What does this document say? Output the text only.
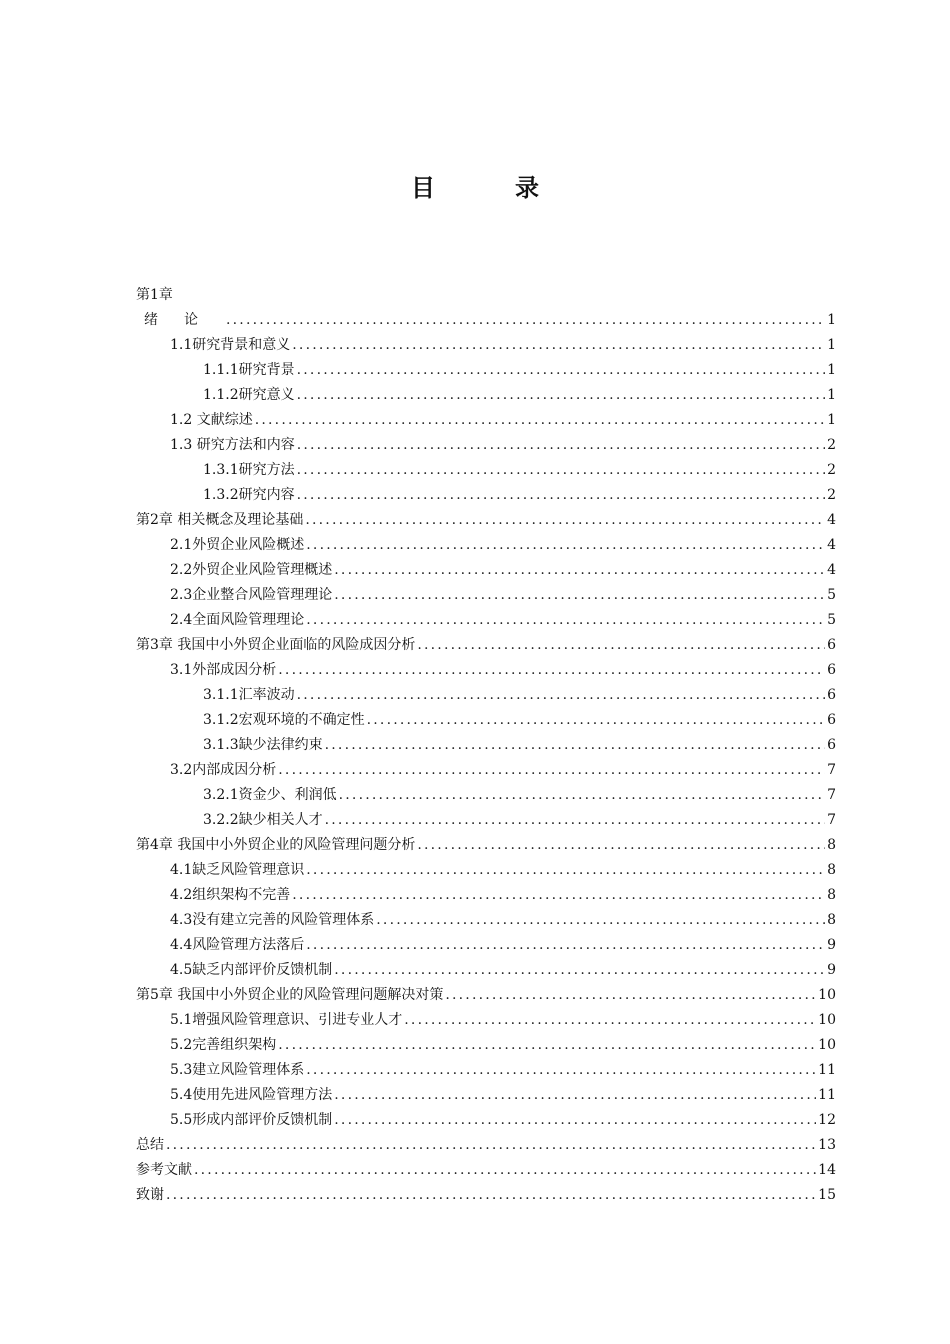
目　录
第1章
绪论 .....	1
1.1研究背景和意义 .....	1
1.1.1研究背景 .....	1
1.1.2研究意义 .....	1
1.2 文献综述 .....	1
1.3 研究方法和内容 .....	2
1.3.1研究方法 .....	2
1.3.2研究内容 .....	2
第2章 相关概念及理论基础 .....	4
2.1外贸企业风险概述 .....	4
2.2外贸企业风险管理概述 .....	4
2.3企业整合风险管理理论 .....	5
2.4全面风险管理理论 .....	5
第3章 我国中小外贸企业面临的风险成因分析 .....	6
3.1外部成因分析 .....	6
3.1.1汇率波动 .....	6
3.1.2宏观环境的不确定性 .....	6
3.1.3缺少法律约束 .....	6
3.2内部成因分析 .....	7
3.2.1资金少、利润低 .....	7
3.2.2缺少相关人才 .....	7
第4章 我国中小外贸企业的风险管理问题分析 .....	8
4.1缺乏风险管理意识 .....	8
4.2组织架构不完善 .....	8
4.3没有建立完善的风险管理体系 .....	8
4.4风险管理方法落后 .....	9
4.5缺乏内部评价反馈机制 .....	9
第5章 我国中小外贸企业的风险管理问题解决对策 .....	10
5.1增强风险管理意识、引进专业人才 .....	10
5.2完善组织架构 .....	10
5.3建立风险管理体系 .....	11
5.4使用先进风险管理方法 .....	11
5.5形成内部评价反馈机制 .....	12
总结 .....	13
参考文献 .....	14
致谢 .....	15
